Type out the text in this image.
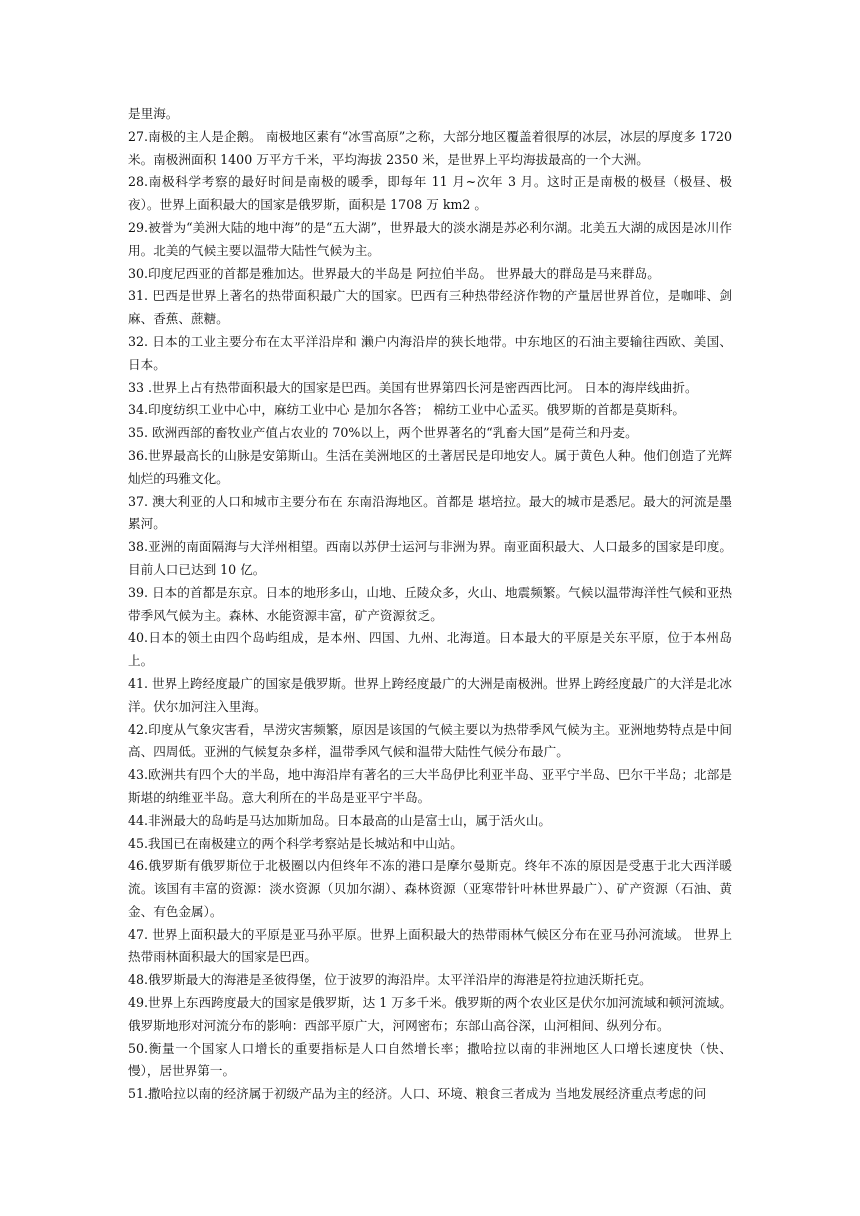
是里海。

27.南极的主人是企鹅。 南极地区素有“冰雪高原”之称，大部分地区覆盖着很厚的冰层，冰层的厚度多 1720 米。南极洲面积 1400 万平方千米，平均海拔 2350 米，是世界上平均海拔最高的一个大洲。

28.南极科学考察的最好时间是南极的暖季，即每年 11 月~次年 3 月。这时正是南极的极昼（极昼、极夜）。世界上面积最大的国家是俄罗斯，面积是 1708 万 km2 。

29.被誉为“美洲大陆的地中海”的是“五大湖”，世界最大的淡水湖是苏必利尔湖。北美五大湖的成因是冰川作用。北美的气候主要以温带大陆性气候为主。

30.印度尼西亚的首都是雅加达。世界最大的半岛是 阿拉伯半岛。 世界最大的群岛是马来群岛。

31. 巴西是世界上著名的热带面积最广大的国家。巴西有三种热带经济作物的产量居世界首位，是咖啡、剑麻、香蕉、蔗糖。

32. 日本的工业主要分布在太平洋沿岸和 濑户内海沿岸的狭长地带。中东地区的石油主要输往西欧、美国、日本。

33 .世界上占有热带面积最大的国家是巴西。美国有世界第四长河是密西西比河。 日本的海岸线曲折。

34.印度纺织工业中心中，麻纺工业中心 是加尔各答； 棉纺工业中心孟买。俄罗斯的首都是莫斯科。

35. 欧洲西部的畜牧业产值占农业的 70%以上，两个世界著名的“乳畜大国”是荷兰和丹麦。

36.世界最高长的山脉是安第斯山。生活在美洲地区的土著居民是印地安人。属于黄色人种。他们创造了光辉灿烂的玛雅文化。

37. 澳大利亚的人口和城市主要分布在 东南沿海地区。首都是 堪培拉。最大的城市是悉尼。最大的河流是墨累河。

38.亚洲的南面隔海与大洋州相望。西南以苏伊士运河与非洲为界。南亚面积最大、人口最多的国家是印度。目前人口已达到 10 亿。

39. 日本的首都是东京。日本的地形多山，山地、丘陵众多，火山、地震频繁。气候以温带海洋性气候和亚热带季风气候为主。森林、水能资源丰富，矿产资源贫乏。

40.日本的领土由四个岛屿组成，是本州、四国、九州、北海道。日本最大的平原是关东平原，位于本州岛上。

41. 世界上跨经度最广的国家是俄罗斯。世界上跨经度最广的大洲是南极洲。世界上跨经度最广的大洋是北冰洋。伏尔加河注入里海。

42.印度从气象灾害看，旱涝灾害频繁，原因是该国的气候主要以为热带季风气候为主。亚洲地势特点是中间高、四周低。亚洲的气候复杂多样，温带季风气候和温带大陆性气候分布最广。

43.欧洲共有四个大的半岛，地中海沿岸有著名的三大半岛伊比利亚半岛、亚平宁半岛、巴尔干半岛；北部是斯堪的纳维亚半岛。意大利所在的半岛是亚平宁半岛。

44.非洲最大的岛屿是马达加斯加岛。日本最高的山是富士山，属于活火山。

45.我国已在南极建立的两个科学考察站是长城站和中山站。

46.俄罗斯有俄罗斯位于北极圈以内但终年不冻的港口是摩尔曼斯克。终年不冻的原因是受惠于北大西洋暖流。该国有丰富的资源：淡水资源（贝加尔湖）、森林资源（亚寒带针叶林世界最广）、矿产资源（石油、黄金、有色金属）。

47. 世界上面积最大的平原是亚马孙平原。世界上面积最大的热带雨林气候区分布在亚马孙河流域。 世界上热带雨林面积最大的国家是巴西。

48.俄罗斯最大的海港是圣彼得堡，位于波罗的海沿岸。太平洋沿岸的海港是符拉迪沃斯托克。

49.世界上东西跨度最大的国家是俄罗斯，达 1 万多千米。俄罗斯的两个农业区是伏尔加河流域和顿河流域。俄罗斯地形对河流分布的影响：西部平原广大，河网密布；东部山高谷深，山河相间、纵列分布。

50.衡量一个国家人口增长的重要指标是人口自然增长率；撒哈拉以南的非洲地区人口增长速度快（快、慢），居世界第一。

51.撒哈拉以南的经济属于初级产品为主的经济。人口、环境、粮食三者成为 当地发展经济重点考虑的问
